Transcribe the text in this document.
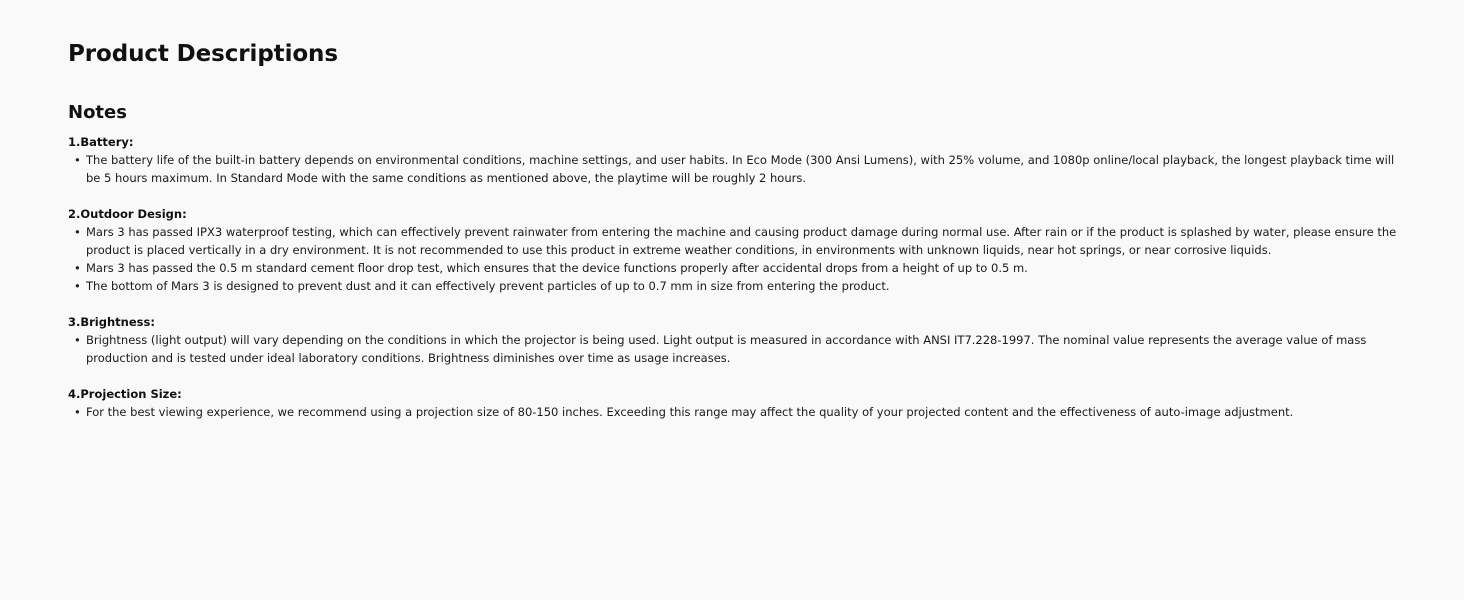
Product Descriptions
Notes
1.Battery:
• The battery life of the built-in battery depends on environmental conditions, machine settings, and user habits. In Eco Mode (300 Ansi Lumens), with 25% volume, and 1080p online/local playback, the longest playback time will be 5 hours maximum. In Standard Mode with the same conditions as mentioned above, the playtime will be roughly 2 hours.
2.Outdoor Design:
• Mars 3 has passed IPX3 waterproof testing, which can effectively prevent rainwater from entering the machine and causing product damage during normal use. After rain or if the product is splashed by water, please ensure the product is placed vertically in a dry environment. It is not recommended to use this product in extreme weather conditions, in environments with unknown liquids, near hot springs, or near corrosive liquids.
• Mars 3 has passed the 0.5 m standard cement floor drop test, which ensures that the device functions properly after accidental drops from a height of up to 0.5 m.
• The bottom of Mars 3 is designed to prevent dust and it can effectively prevent particles of up to 0.7 mm in size from entering the product.
3.Brightness:
• Brightness (light output) will vary depending on the conditions in which the projector is being used. Light output is measured in accordance with ANSI IT7.228-1997. The nominal value represents the average value of mass production and is tested under ideal laboratory conditions. Brightness diminishes over time as usage increases.
4.Projection Size:
• For the best viewing experience, we recommend using a projection size of 80-150 inches. Exceeding this range may affect the quality of your projected content and the effectiveness of auto-image adjustment.
